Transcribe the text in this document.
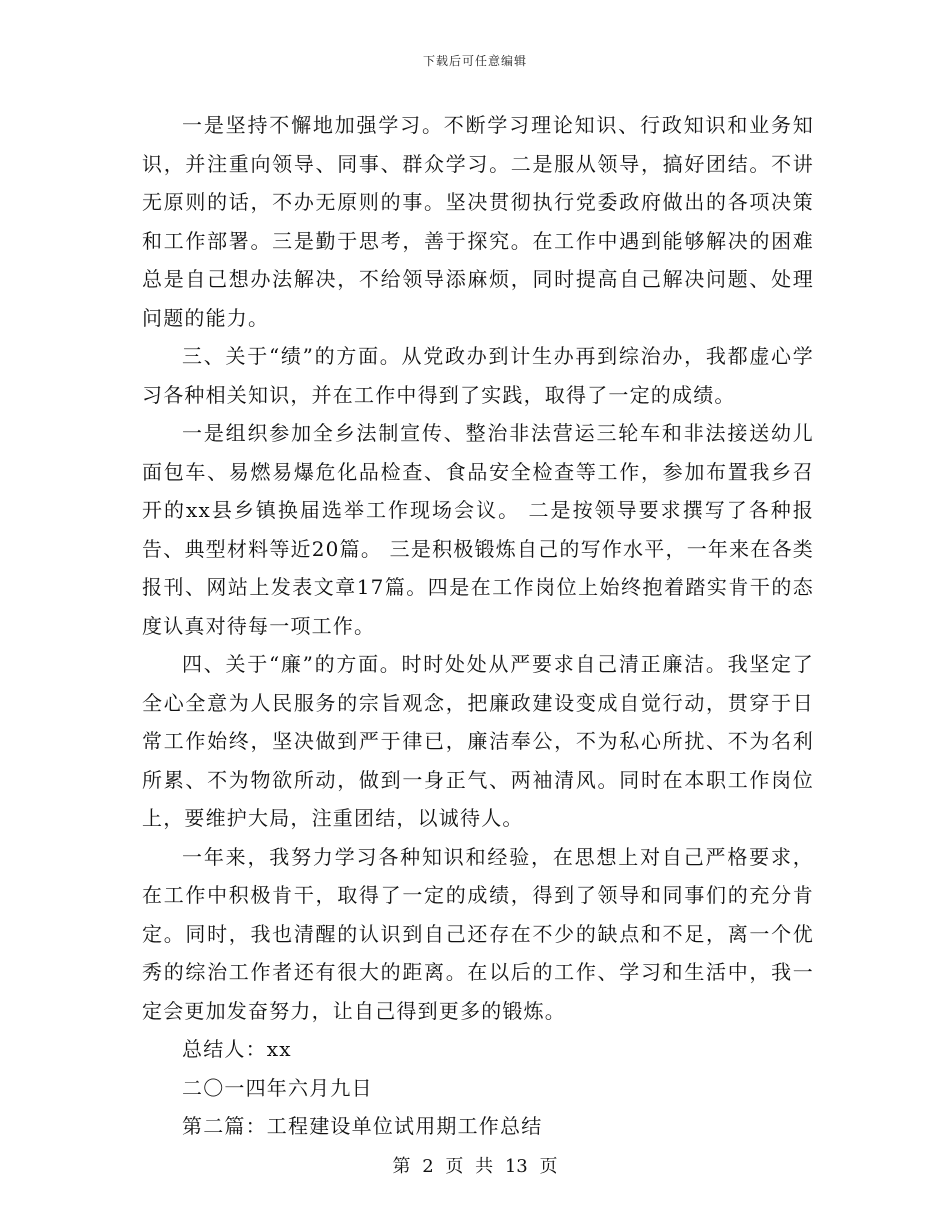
下载后可任意编辑

一是坚持不懈地加强学习。不断学习理论知识、行政知识和业务知识，并注重向领导、同事、群众学习。二是服从领导，搞好团结。不讲无原则的话，不办无原则的事。坚决贯彻执行党委政府做出的各项决策和工作部署。三是勤于思考，善于探究。在工作中遇到能够解决的困难总是自己想办法解决，不给领导添麻烦，同时提高自己解决问题、处理问题的能力。

三、关于“绩”的方面。从党政办到计生办再到综治办，我都虚心学习各种相关知识，并在工作中得到了实践，取得了一定的成绩。

一是组织参加全乡法制宣传、整治非法营运三轮车和非法接送幼儿面包车、易燃易爆危化品检查、食品安全检查等工作，参加布置我乡召开的xx县乡镇换届选举工作现场会议。 二是按领导要求撰写了各种报告、典型材料等近20篇。 三是积极锻炼自己的写作水平，一年来在各类报刊、网站上发表文章17篇。四是在工作岗位上始终抱着踏实肯干的态度认真对待每一项工作。

四、关于“廉”的方面。时时处处从严要求自己清正廉洁。我坚定了全心全意为人民服务的宗旨观念，把廉政建设变成自觉行动，贯穿于日常工作始终，坚决做到严于律已，廉洁奉公，不为私心所扰、不为名利所累、不为物欲所动，做到一身正气、两袖清风。同时在本职工作岗位上，要维护大局，注重团结，以诚待人。

一年来，我努力学习各种知识和经验，在思想上对自己严格要求，在工作中积极肯干，取得了一定的成绩，得到了领导和同事们的充分肯定。同时，我也清醒的认识到自己还存在不少的缺点和不足，离一个优秀的综治工作者还有很大的距离。在以后的工作、学习和生活中，我一定会更加发奋努力，让自己得到更多的锻炼。

总结人：xx

二〇一四年六月九日

第二篇：工程建设单位试用期工作总结

第 2 页 共 13 页
